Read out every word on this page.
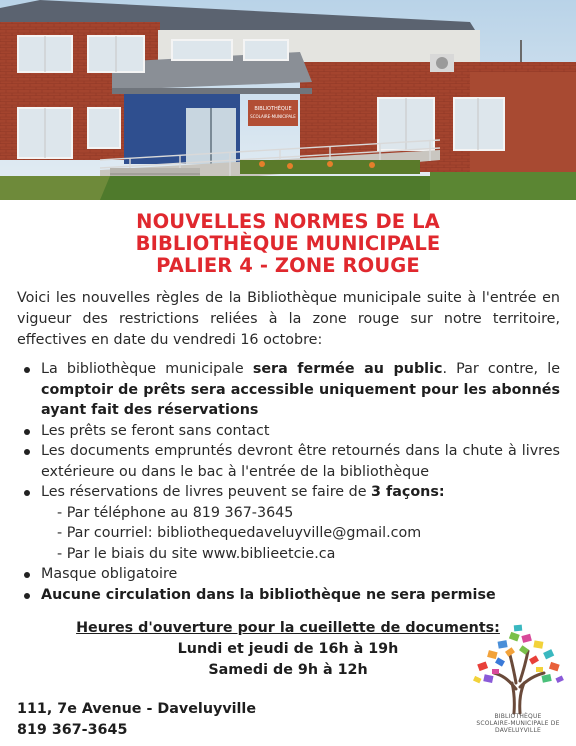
BIBLIOTHÈQUE
SCOLAIRE-MUNICIPALE
NOUVELLES NORMES DE LA
BIBLIOTHÈQUE MUNICIPALE
PALIER 4 - ZONE ROUGE

Voici les nouvelles règles de la Bibliothèque municipale suite à l'entrée en vigueur des restrictions reliées à la zone rouge sur notre territoire, effectives en date du vendredi 16 octobre:

La bibliothèque municipale sera fermée au public. Par contre, le comptoir de prêts sera accessible uniquement pour les abonnés ayant fait des réservations
Les prêts se feront sans contact
Les documents empruntés devront être retournés dans la chute à livres extérieure ou dans le bac à l'entrée de la bibliothèque
Les réservations de livres peuvent se faire de 3 façons:
- Par téléphone au 819 367-3645
- Par courriel: bibliothequedaveluyville@gmail.com
- Par le biais du site www.biblieetcie.ca
Masque obligatoire
Aucune circulation dans la bibliothèque ne sera permise
Heures d'ouverture pour la cueillette de documents:
Lundi et jeudi de 16h à 19h
Samedi de 9h à 12h
111, 7e Avenue - Daveluyville
819 367-3645
BIBLIOTHÈQUE
SCOLAIRE-MUNICIPALE DE
DAVELUYVILLE
